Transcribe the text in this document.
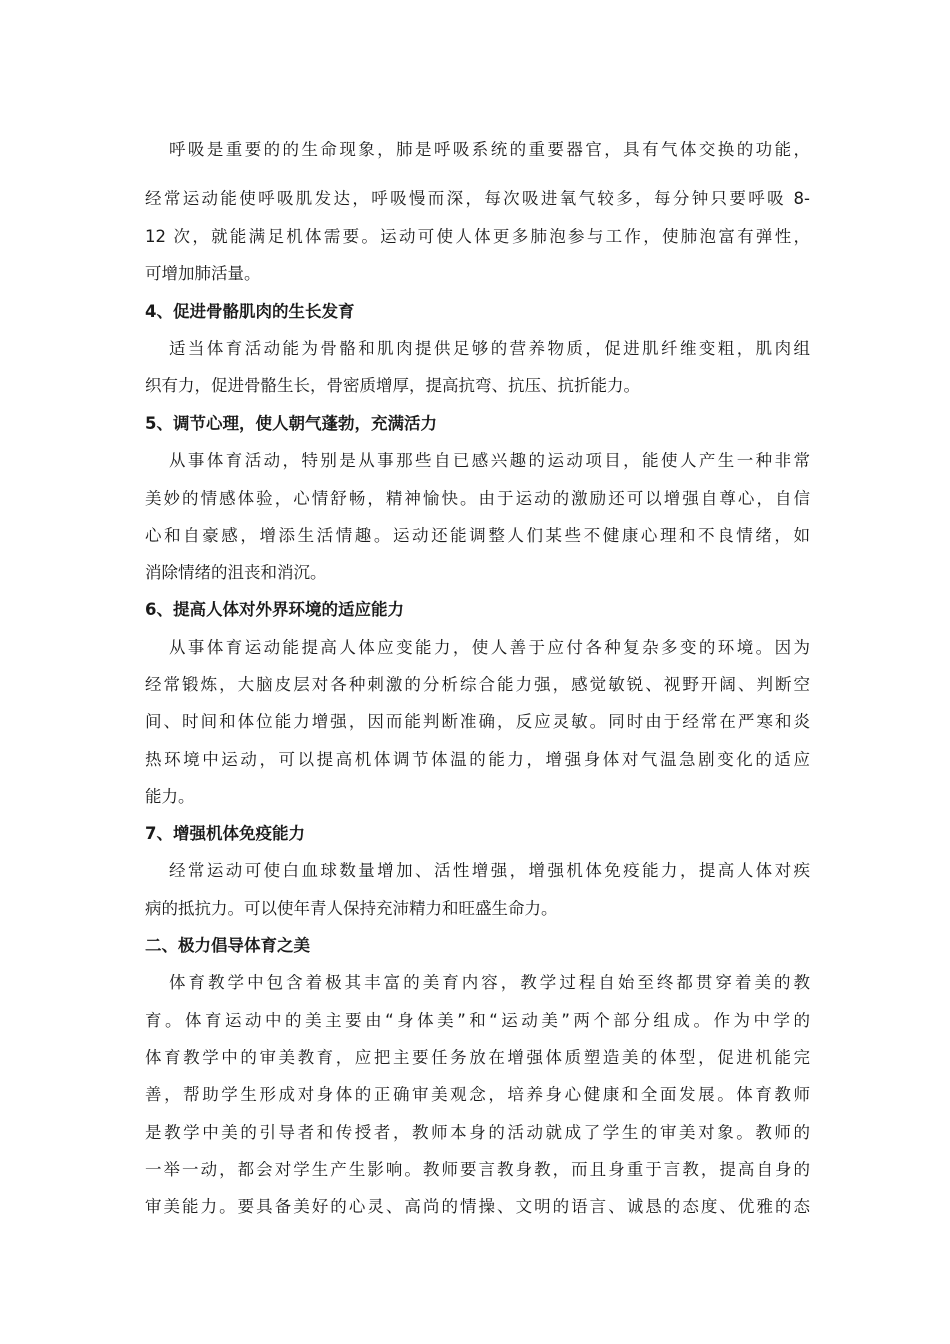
呼吸是重要的的生命现象，肺是呼吸系统的重要器官，具有气体交换的功能，
经常运动能使呼吸肌发达，呼吸慢而深，每次吸进氧气较多，每分钟只要呼吸 8-
12 次，就能满足机体需要。运动可使人体更多肺泡参与工作，使肺泡富有弹性，
可增加肺活量。
4、促进骨骼肌肉的生长发育
适当体育活动能为骨骼和肌肉提供足够的营养物质，促进肌纤维变粗，肌肉组
织有力，促进骨骼生长，骨密质增厚，提高抗弯、抗压、抗折能力。
5、调节心理，使人朝气蓬勃，充满活力
从事体育活动，特别是从事那些自已感兴趣的运动项目，能使人产生一种非常
美妙的情感体验，心情舒畅，精神愉快。由于运动的激励还可以增强自尊心，自信
心和自豪感，增添生活情趣。运动还能调整人们某些不健康心理和不良情绪，如
消除情绪的沮丧和消沉。
6、提高人体对外界环境的适应能力
从事体育运动能提高人体应变能力，使人善于应付各种复杂多变的环境。因为
经常锻炼，大脑皮层对各种刺激的分析综合能力强，感觉敏锐、视野开阔、判断空
间、时间和体位能力增强，因而能判断准确，反应灵敏。同时由于经常在严寒和炎
热环境中运动，可以提高机体调节体温的能力，增强身体对气温急剧变化的适应
能力。
7、增强机体免疫能力
经常运动可使白血球数量增加、活性增强，增强机体免疫能力，提高人体对疾
病的抵抗力。可以使年青人保持充沛精力和旺盛生命力。
二、极力倡导体育之美
体育教学中包含着极其丰富的美育内容，教学过程自始至终都贯穿着美的教
育。体育运动中的美主要由“身体美”和“运动美”两个部分组成。作为中学的
体育教学中的审美教育，应把主要任务放在增强体质塑造美的体型，促进机能完
善，帮助学生形成对身体的正确审美观念，培养身心健康和全面发展。体育教师
是教学中美的引导者和传授者，教师本身的活动就成了学生的审美对象。教师的
一举一动，都会对学生产生影响。教师要言教身教，而且身重于言教，提高自身的
审美能力。要具备美好的心灵、高尚的情操、文明的语言、诚恳的态度、优雅的态
